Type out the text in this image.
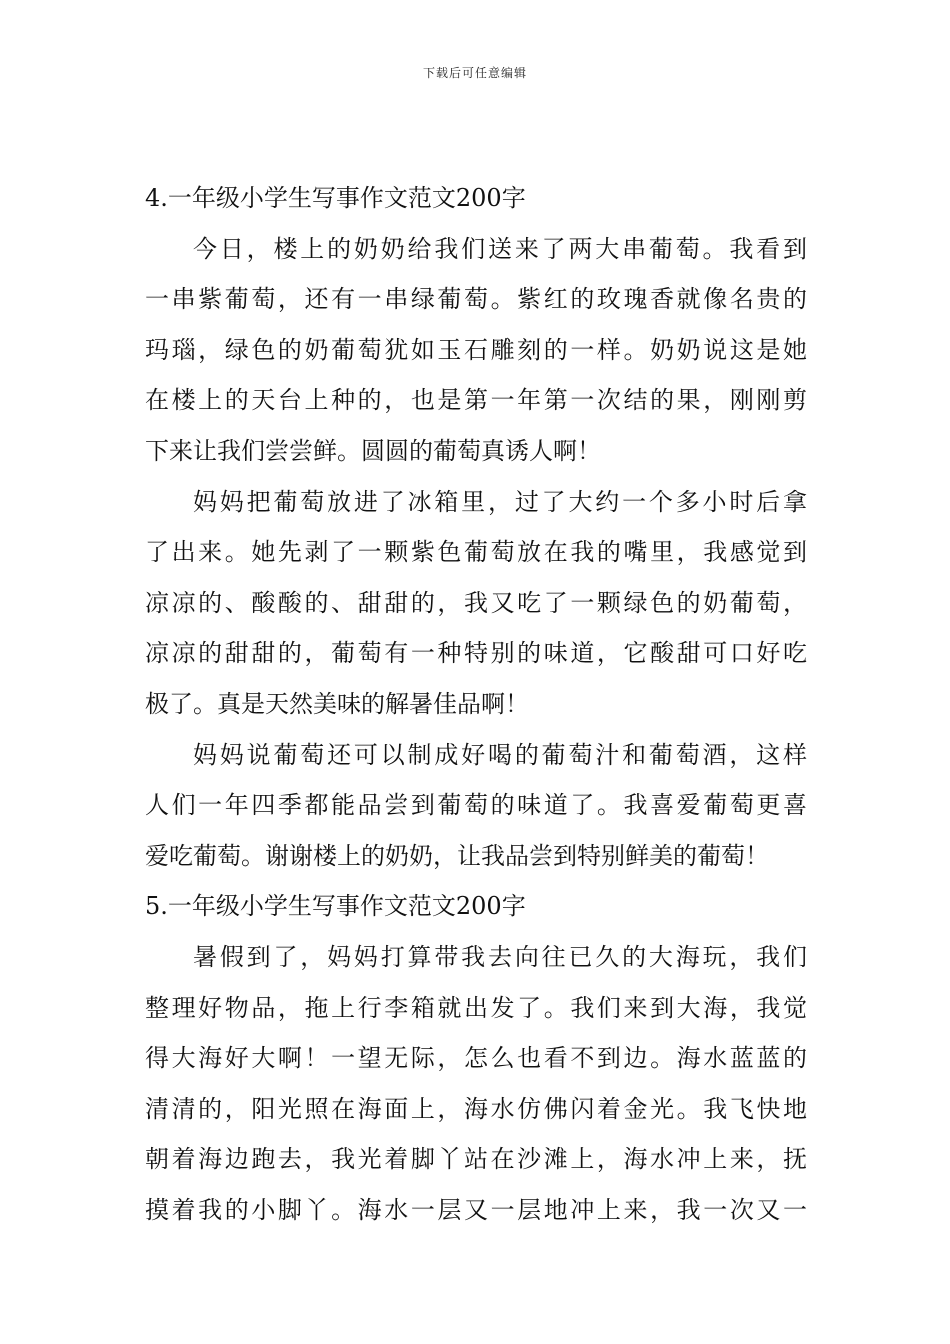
下载后可任意编辑
4.一年级小学生写事作文范文200字
今日，楼上的奶奶给我们送来了两大串葡萄。我看到
一串紫葡萄，还有一串绿葡萄。紫红的玫瑰香就像名贵的
玛瑙，绿色的奶葡萄犹如玉石雕刻的一样。奶奶说这是她
在楼上的天台上种的，也是第一年第一次结的果，刚刚剪
下来让我们尝尝鲜。圆圆的葡萄真诱人啊！
妈妈把葡萄放进了冰箱里，过了大约一个多小时后拿
了出来。她先剥了一颗紫色葡萄放在我的嘴里，我感觉到
凉凉的、酸酸的、甜甜的，我又吃了一颗绿色的奶葡萄，
凉凉的甜甜的，葡萄有一种特别的味道，它酸甜可口好吃
极了。真是天然美味的解暑佳品啊！
妈妈说葡萄还可以制成好喝的葡萄汁和葡萄酒，这样
人们一年四季都能品尝到葡萄的味道了。我喜爱葡萄更喜
爱吃葡萄。谢谢楼上的奶奶，让我品尝到特别鲜美的葡萄！
5.一年级小学生写事作文范文200字
暑假到了，妈妈打算带我去向往已久的大海玩，我们
整理好物品，拖上行李箱就出发了。我们来到大海，我觉
得大海好大啊！一望无际，怎么也看不到边。海水蓝蓝的
清清的，阳光照在海面上，海水仿佛闪着金光。我飞快地
朝着海边跑去，我光着脚丫站在沙滩上，海水冲上来，抚
摸着我的小脚丫。海水一层又一层地冲上来，我一次又一
